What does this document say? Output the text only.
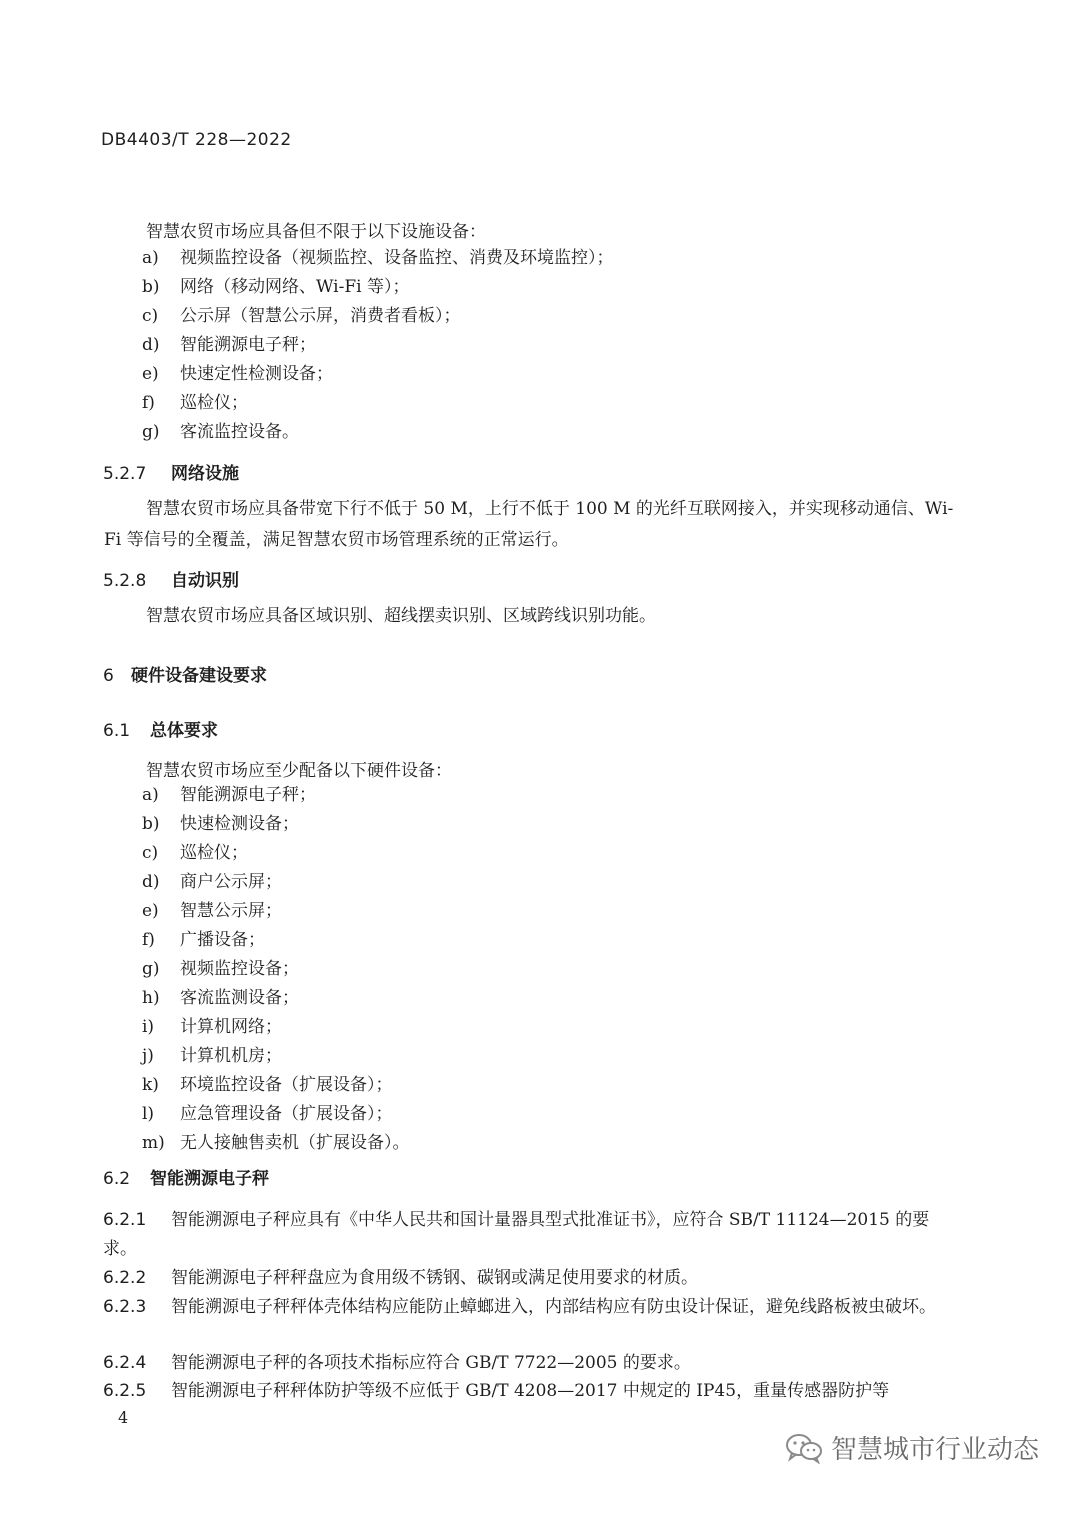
DB4403/T 228—2022
智慧农贸市场应具备但不限于以下设施设备：
a) 视频监控设备（视频监控、设备监控、消费及环境监控）；
b) 网络（移动网络、Wi-Fi 等）；
c) 公示屏（智慧公示屏，消费者看板）；
d) 智能溯源电子秤；
e) 快速定性检测设备；
f) 巡检仪；
g) 客流监控设备。
5.2.7 网络设施
智慧农贸市场应具备带宽下行不低于 50 M，上行不低于 100 M 的光纤互联网接入，并实现移动通信、Wi-Fi 等信号的全覆盖，满足智慧农贸市场管理系统的正常运行。
5.2.8 自动识别
智慧农贸市场应具备区域识别、超线摆卖识别、区域跨线识别功能。
6 硬件设备建设要求
6.1 总体要求
智慧农贸市场应至少配备以下硬件设备：
a) 智能溯源电子秤；
b) 快速检测设备；
c) 巡检仪；
d) 商户公示屏；
e) 智慧公示屏；
f) 广播设备；
g) 视频监控设备；
h) 客流监测设备；
i) 计算机网络；
j) 计算机机房；
k) 环境监控设备（扩展设备）；
l) 应急管理设备（扩展设备）；
m) 无人接触售卖机（扩展设备）。
6.2 智能溯源电子秤
6.2.1 智能溯源电子秤应具有《中华人民共和国计量器具型式批准证书》，应符合 SB/T 11124—2015 的要求。
6.2.2 智能溯源电子秤秤盘应为食用级不锈钢、碳钢或满足使用要求的材质。
6.2.3 智能溯源电子秤秤体壳体结构应能防止蟑螂进入，内部结构应有防虫设计保证，避免线路板被虫破坏。
6.2.4 智能溯源电子秤的各项技术指标应符合 GB/T 7722—2005 的要求。
6.2.5 智能溯源电子秤秤体防护等级不应低于 GB/T 4208—2017 中规定的 IP45，重量传感器防护等
4
智慧城市行业动态
